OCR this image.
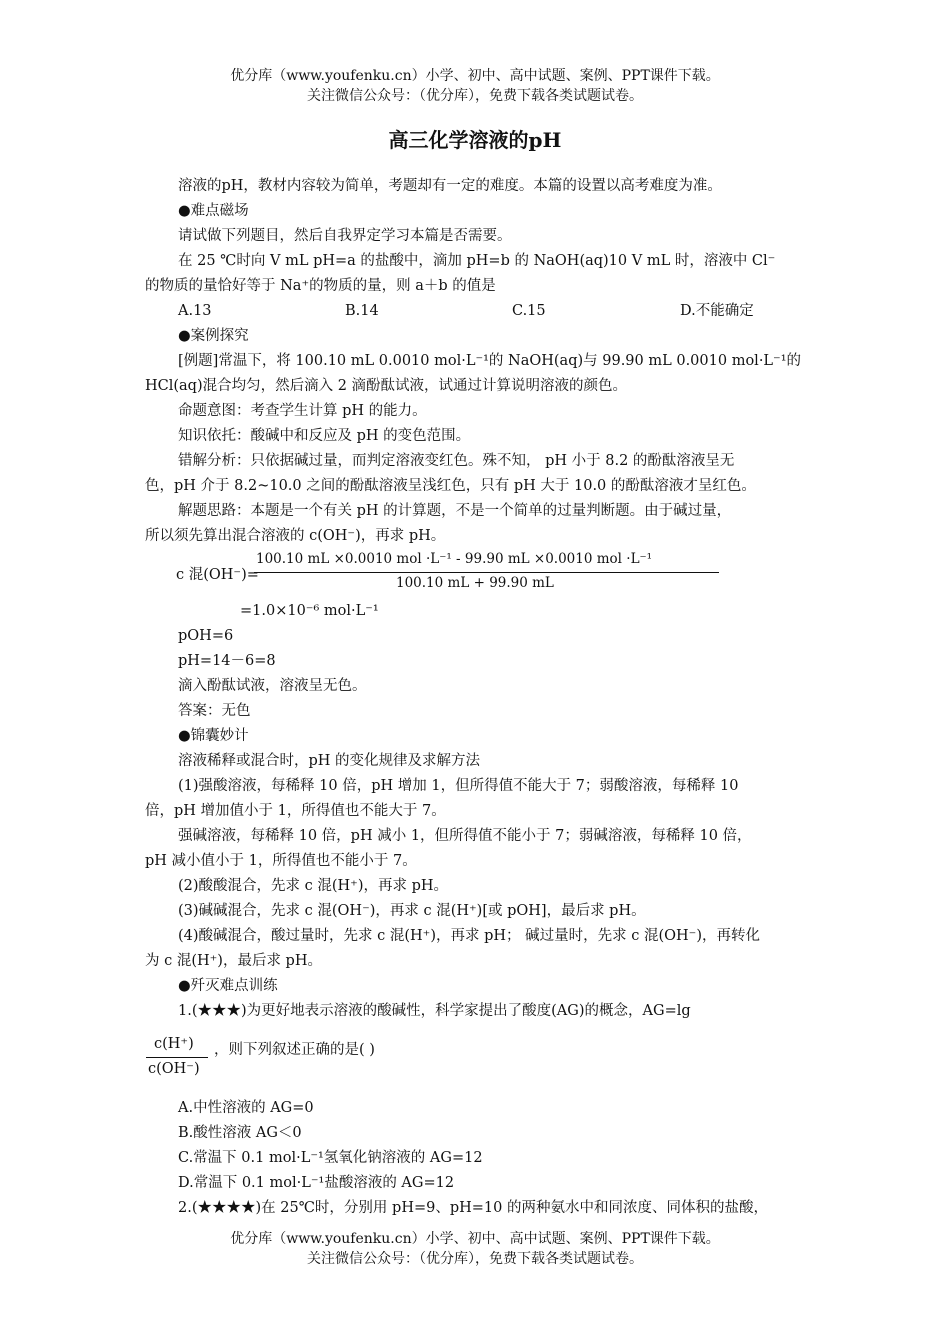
优分库（www.youfenku.cn）小学、初中、高中试题、案例、PPT课件下载。
关注微信公众号：（优分库），免费下载各类试题试卷。
高三化学溶液的pH
溶液的pH，教材内容较为简单，考题却有一定的难度。本篇的设置以高考难度为准。
●难点磁场
请试做下列题目，然后自我界定学习本篇是否需要。
在 25 ℃时向 V mL pH=a 的盐酸中，滴加 pH=b 的 NaOH(aq)10 V mL 时，溶液中 Cl⁻
的物质的量恰好等于 Na⁺的物质的量，则 a＋b 的值是
A.13	B.14	C.15	D.不能确定
●案例探究
[例题]常温下，将 100.10 mL 0.0010 mol·L⁻¹的 NaOH(aq)与 99.90 mL 0.0010 mol·L⁻¹的
HCl(aq)混合均匀，然后滴入 2 滴酚酞试液，试通过计算说明溶液的颜色。
命题意图：考查学生计算 pH 的能力。
知识依托：酸碱中和反应及 pH 的变色范围。
错解分析：只依据碱过量，而判定溶液变红色。殊不知， pH 小于 8.2 的酚酞溶液呈无
色，pH 介于 8.2~10.0 之间的酚酞溶液呈浅红色，只有 pH 大于 10.0 的酚酞溶液才呈红色。
解题思路：本题是一个有关 pH 的计算题，不是一个简单的过量判断题。由于碱过量，
所以须先算出混合溶液的 c(OH⁻)，再求 pH。
c 混(OH⁻)=
100.10 mL ×0.0010 mol ·L⁻¹ - 99.90 mL ×0.0010 mol ·L⁻¹
100.10 mL + 99.90 mL
=1.0×10⁻⁶ mol·L⁻¹
pOH=6
pH=14－6=8
滴入酚酞试液，溶液呈无色。
答案：无色
●锦囊妙计
溶液稀释或混合时，pH 的变化规律及求解方法
(1)强酸溶液，每稀释 10 倍，pH 增加 1，但所得值不能大于 7；弱酸溶液，每稀释 10
倍，pH 增加值小于 1，所得值也不能大于 7。
强碱溶液，每稀释 10 倍，pH 减小 1，但所得值不能小于 7；弱碱溶液，每稀释 10 倍，
pH 减小值小于 1，所得值也不能小于 7。
(2)酸酸混合，先求 c 混(H⁺)，再求 pH。
(3)碱碱混合，先求 c 混(OH⁻)，再求 c 混(H⁺)[或 pOH]，最后求 pH。
(4)酸碱混合，酸过量时，先求 c 混(H⁺)，再求 pH； 碱过量时，先求 c 混(OH⁻)，再转化
为 c 混(H⁺)，最后求 pH。
●歼灭难点训练
1.(★★★)为更好地表示溶液的酸碱性，科学家提出了酸度(AG)的概念，AG=lg
c(H⁺)
c(OH⁻)
，则下列叙述正确的是( )
A.中性溶液的 AG=0
B.酸性溶液 AG＜0
C.常温下 0.1 mol·L⁻¹氢氧化钠溶液的 AG=12
D.常温下 0.1 mol·L⁻¹盐酸溶液的 AG=12
2.(★★★★)在 25℃时，分别用 pH=9、pH=10 的两种氨水中和同浓度、同体积的盐酸，
优分库（www.youfenku.cn）小学、初中、高中试题、案例、PPT课件下载。
关注微信公众号：（优分库），免费下载各类试题试卷。
